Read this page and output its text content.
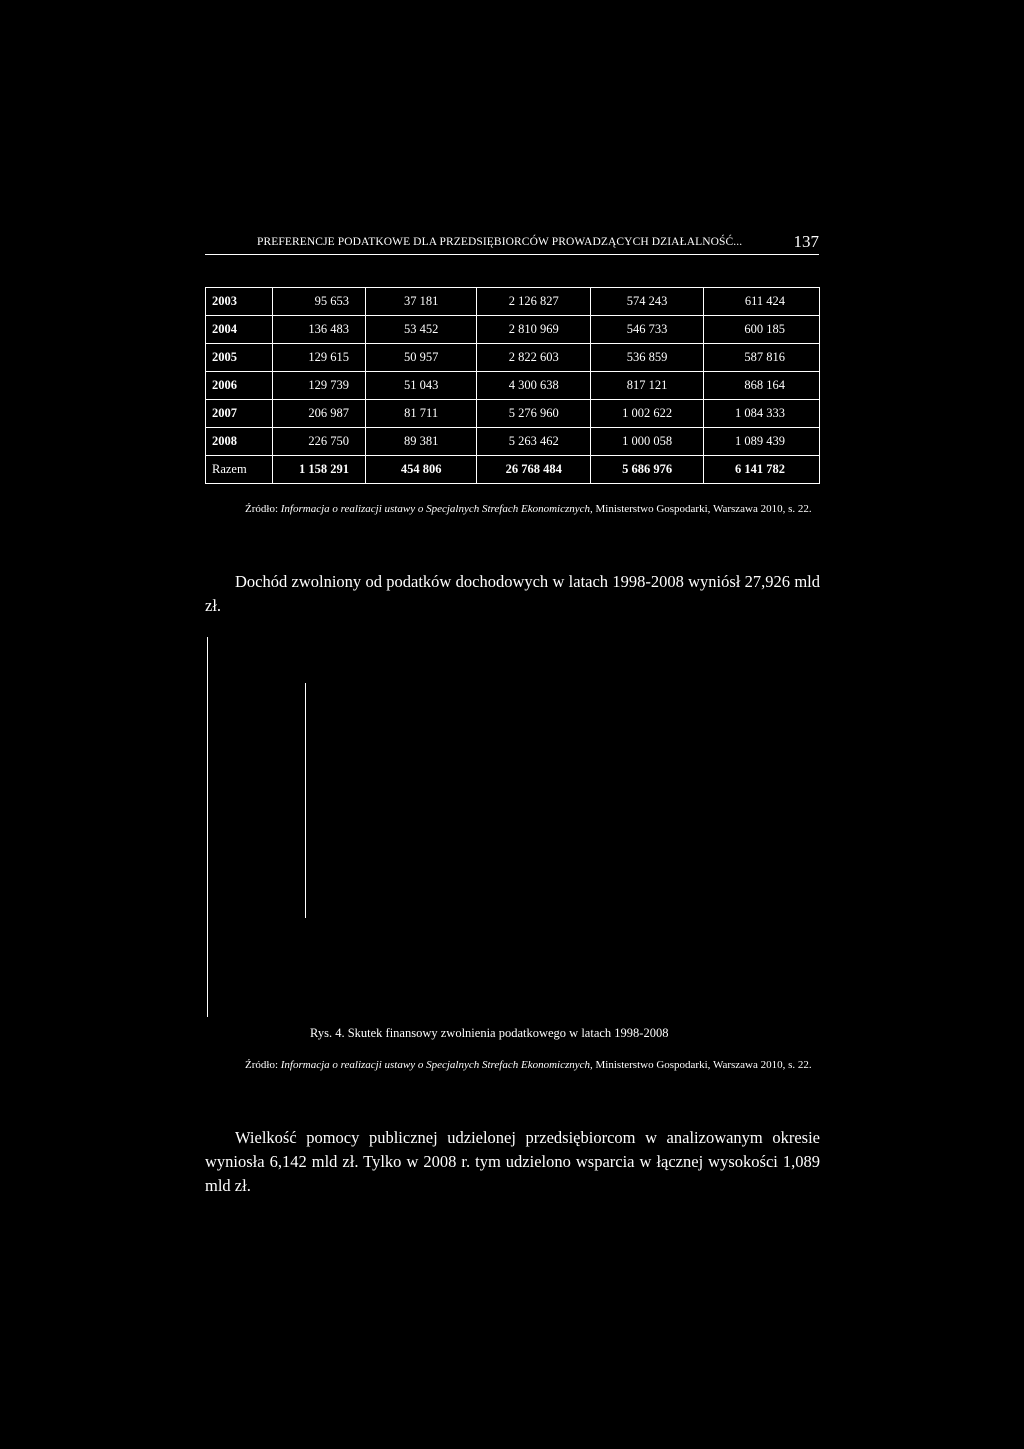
PREFERENCJE PODATKOWE DLA PRZEDSIĘBIORCÓW PROWADZĄCYCH DZIAŁALNOŚĆ...	137
2003	95 653	37 181	2 126 827	574 243	611 424
2004	136 483	53 452	2 810 969	546 733	600 185
2005	129 615	50 957	2 822 603	536 859	587 816
2006	129 739	51 043	4 300 638	817 121	868 164
2007	206 987	81 711	5 276 960	1 002 622	1 084 333
2008	226 750	89 381	5 263 462	1 000 058	1 089 439
Razem	1 158 291	454 806	26 768 484	5 686 976	6 141 782
Źródło: Informacja o realizacji ustawy o Specjalnych Strefach Ekonomicznych, Ministerstwo Gospodarki, Warszawa 2010, s. 22.
Dochód zwolniony od podatków dochodowych w latach 1998-2008 wyniósł 27,926 mld zł.
Rys. 4. Skutek finansowy zwolnienia podatkowego w latach 1998-2008
Źródło: Informacja o realizacji ustawy o Specjalnych Strefach Ekonomicznych, Ministerstwo Gospodarki, Warszawa 2010, s. 22.
Wielkość pomocy publicznej udzielonej przedsiębiorcom w analizowanym okresie wyniosła 6,142 mld zł. Tylko w 2008 r. tym udzielono wsparcia w łącznej wysokości 1,089 mld zł.
